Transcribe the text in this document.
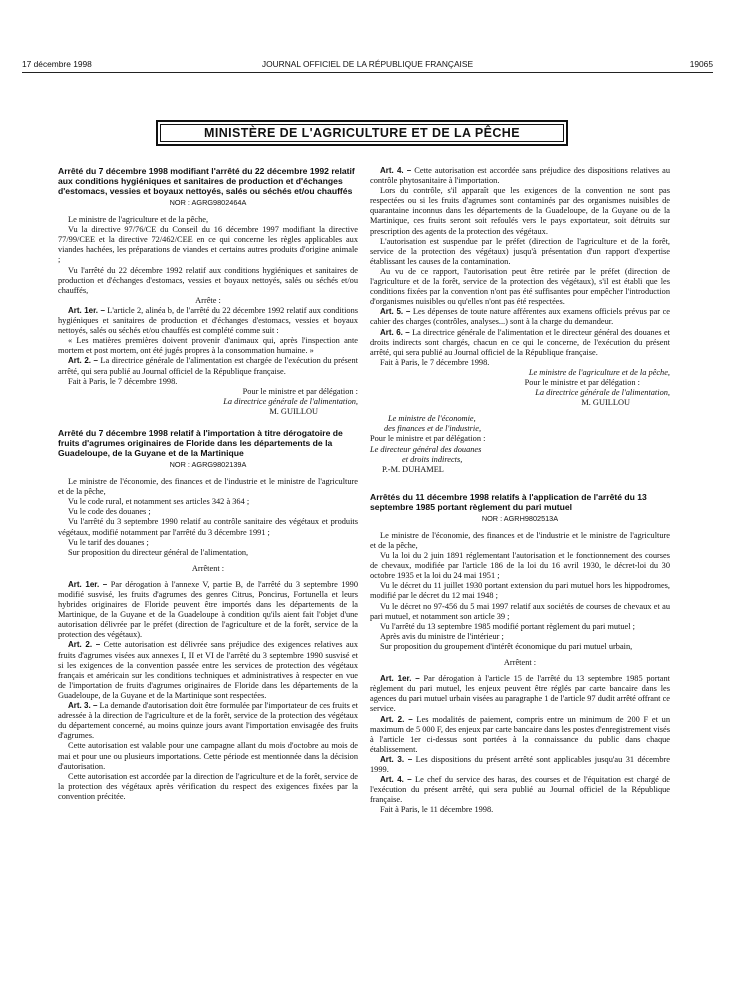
17 décembre 1998	JOURNAL OFFICIEL DE LA RÉPUBLIQUE FRANÇAISE	19065
MINISTÈRE DE L'AGRICULTURE ET DE LA PÊCHE
Arrêté du 7 décembre 1998 modifiant l'arrêté du 22 décembre 1992 relatif aux conditions hygiéniques et sanitaires de production et d'échanges d'estomacs, vessies et boyaux nettoyés, salés ou séchés et/ou chauffés

NOR : AGRG9802464A

Le ministre de l'agriculture et de la pêche,

Vu la directive 97/76/CE du Conseil du 16 décembre 1997 modifiant la directive 77/99/CEE et la directive 72/462/CEE en ce qui concerne les règles applicables aux viandes hachées, les préparations de viandes et certains autres produits d'origine animale ;

Vu l'arrêté du 22 décembre 1992 relatif aux conditions hygiéniques et sanitaires de production et d'échanges d'estomacs, vessies et boyaux nettoyés, salés ou séchés et/ou chauffés,

Arrête :

Art. 1er. – L'article 2, alinéa b, de l'arrêté du 22 décembre 1992 relatif aux conditions hygiéniques et sanitaires de production et d'échanges d'estomacs, vessies et boyaux nettoyés, salés ou séchés et/ou chauffés est complété comme suit :

« Les matières premières doivent provenir d'animaux qui, après l'inspection ante mortem et post mortem, ont été jugés propres à la consommation humaine. »

Art. 2. – La directrice générale de l'alimentation est chargée de l'exécution du présent arrêté, qui sera publié au Journal officiel de la République française.

Fait à Paris, le 7 décembre 1998.

Pour le ministre et par délégation :

La directrice générale de l'alimentation,

M. GUILLOU

Arrêté du 7 décembre 1998 relatif à l'importation à titre dérogatoire de fruits d'agrumes originaires de Floride dans les départements de la Guadeloupe, de la Guyane et de la Martinique

NOR : AGRG9802139A

Le ministre de l'économie, des finances et de l'industrie et le ministre de l'agriculture et de la pêche,

Vu le code rural, et notamment ses articles 342 à 364 ;

Vu le code des douanes ;

Vu l'arrêté du 3 septembre 1990 relatif au contrôle sanitaire des végétaux et produits végétaux, modifié notamment par l'arrêté du 3 décembre 1991 ;

Vu le tarif des douanes ;

Sur proposition du directeur général de l'alimentation,

Arrêtent :

Art. 1er. – Par dérogation à l'annexe V, partie B, de l'arrêté du 3 septembre 1990 modifié susvisé, les fruits d'agrumes des genres Citrus, Poncirus, Fortunella et leurs hybrides originaires de Floride peuvent être importés dans les départements de la Martinique, de la Guyane et de la Guadeloupe à condition qu'ils aient fait l'objet d'une autorisation délivrée par le préfet (direction de l'agriculture et de la forêt, service de la protection des végétaux).

Art. 2. – Cette autorisation est délivrée sans préjudice des exigences relatives aux fruits d'agrumes visées aux annexes I, II et VI de l'arrêté du 3 septembre 1990 susvisé et si les exigences de la convention passée entre les services de protection des végétaux français et américain sur les conditions techniques et administratives à respecter en vue de l'importation de fruits d'agrumes originaires de Floride dans les départements de la Guadeloupe, de la Guyane et de la Martinique sont respectées.

Art. 3. – La demande d'autorisation doit être formulée par l'importateur de ces fruits et adressée à la direction de l'agriculture et de la forêt, service de la protection des végétaux du département concerné, au moins quinze jours avant l'importation envisagée des fruits d'agrumes.

Cette autorisation est valable pour une campagne allant du mois d'octobre au mois de mai et pour une ou plusieurs importations. Cette période est mentionnée dans la décision d'autorisation.

Cette autorisation est accordée par la direction de l'agriculture et de la forêt, service de la protection des végétaux après vérification du respect des exigences fixées par la convention précitée.

Art. 4. – Cette autorisation est accordée sans préjudice des dispositions relatives au contrôle phytosanitaire à l'importation.

Lors du contrôle, s'il apparaît que les exigences de la convention ne sont pas respectées ou si les fruits d'agrumes sont contaminés par des organismes nuisibles de quarantaine inconnus dans les départements de la Guadeloupe, de la Guyane ou de la Martinique, ces fruits seront soit refoulés vers le pays exportateur, soit détruits sur prescription des agents de la protection des végétaux.

L'autorisation est suspendue par le préfet (direction de l'agriculture et de la forêt, service de la protection des végétaux) jusqu'à présentation d'un rapport d'expertise établissant les causes de la contamination.

Au vu de ce rapport, l'autorisation peut être retirée par le préfet (direction de l'agriculture et de la forêt, service de la protection des végétaux), s'il est établi que les conditions fixées par la convention n'ont pas été suffisantes pour empêcher l'introduction d'organismes nuisibles ou qu'elles n'ont pas été respectées.

Art. 5. – Les dépenses de toute nature afférentes aux examens officiels prévus par ce cahier des charges (contrôles, analyses...) sont à la charge du demandeur.

Art. 6. – La directrice générale de l'alimentation et le directeur général des douanes et droits indirects sont chargés, chacun en ce qui le concerne, de l'exécution du présent arrêté, qui sera publié au Journal officiel de la République française.

Fait à Paris, le 7 décembre 1998.

Le ministre de l'agriculture et de la pêche,

Pour le ministre et par délégation :

La directrice générale de l'alimentation,

M. GUILLOU

Le ministre de l'économie,

des finances et de l'industrie,

Pour le ministre et par délégation :

Le directeur général des douanes

et droits indirects,

P.-M. DUHAMEL

Arrêtés du 11 décembre 1998 relatifs à l'application de l'arrêté du 13 septembre 1985 portant règlement du pari mutuel

NOR : AGRH9802513A

Le ministre de l'économie, des finances et de l'industrie et le ministre de l'agriculture et de la pêche,

Vu la loi du 2 juin 1891 réglementant l'autorisation et le fonctionnement des courses de chevaux, modifiée par l'article 186 de la loi du 16 avril 1930, le décret-loi du 30 octobre 1935 et la loi du 24 mai 1951 ;

Vu le décret du 11 juillet 1930 portant extension du pari mutuel hors les hippodromes, modifié par le décret du 12 mai 1948 ;

Vu le décret no 97-456 du 5 mai 1997 relatif aux sociétés de courses de chevaux et au pari mutuel, et notamment son article 39 ;

Vu l'arrêté du 13 septembre 1985 modifié portant règlement du pari mutuel ;

Après avis du ministre de l'intérieur ;

Sur proposition du groupement d'intérêt économique du pari mutuel urbain,

Arrêtent :

Art. 1er. – Par dérogation à l'article 15 de l'arrêté du 13 septembre 1985 portant règlement du pari mutuel, les enjeux peuvent être réglés par carte bancaire dans les agences du pari mutuel urbain visées au paragraphe 1 de l'article 97 dudit arrêté offrant ce service.

Art. 2. – Les modalités de paiement, compris entre un minimum de 200 F et un maximum de 5 000 F, des enjeux par carte bancaire dans les postes d'enregistrement visés à l'article 1er ci-dessus sont portées à la connaissance du public dans chaque établissement.

Art. 3. – Les dispositions du présent arrêté sont applicables jusqu'au 31 décembre 1999.

Art. 4. – Le chef du service des haras, des courses et de l'équitation est chargé de l'exécution du présent arrêté, qui sera publié au Journal officiel de la République française.

Fait à Paris, le 11 décembre 1998.
